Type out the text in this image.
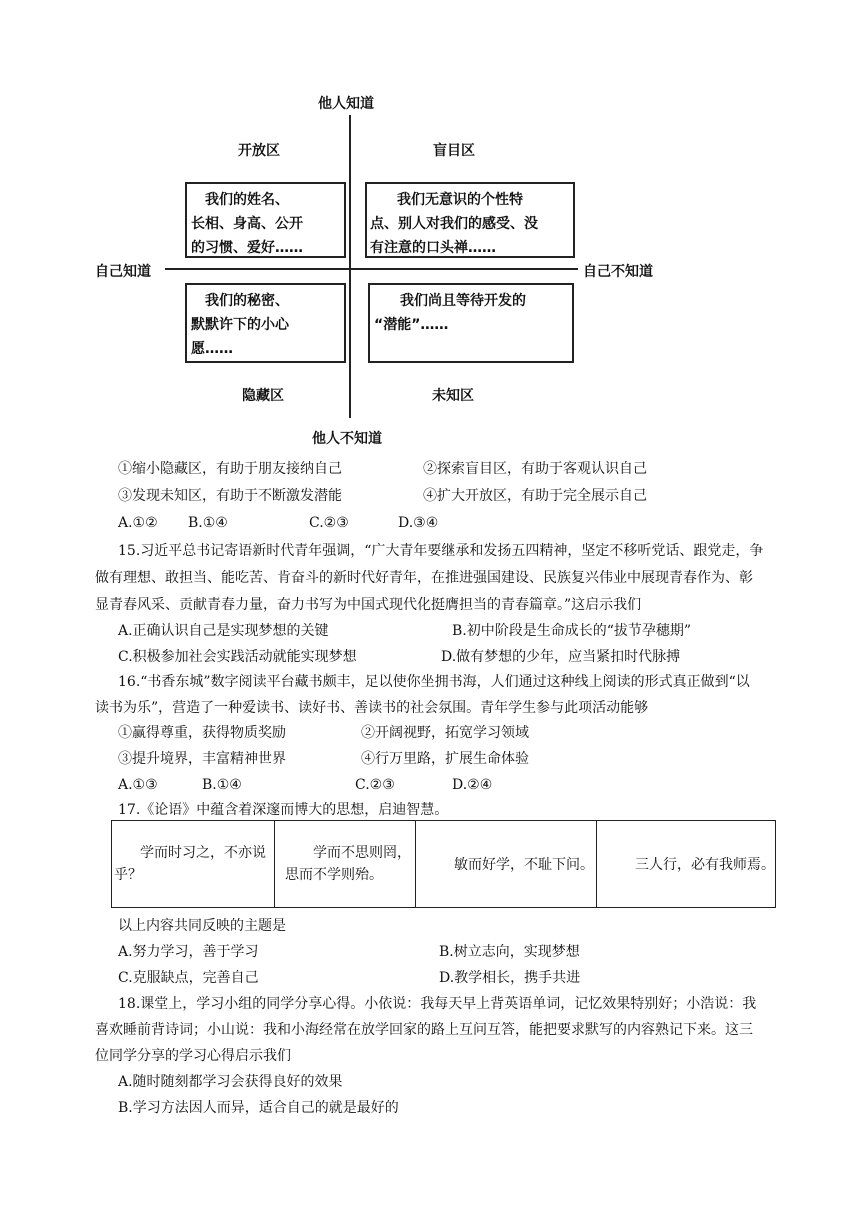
他人知道
他人不知道
自己知道	自己不知道
开放区	盲目区
隐藏区	未知区
我们的姓名、
长相、身高、公开
的习惯、爱好……
我们无意识的个性特
点、别人对我们的感受、没
有注意的口头禅……
我们的秘密、
默默许下的小心
愿……
我们尚且等待开发的
“潜能”……
①缩小隐藏区，有助于朋友接纳自己	②探索盲目区，有助于客观认识自己
③发现未知区，有助于不断激发潜能	④扩大开放区，有助于完全展示自己
A.①② B.①④	C.②③	D.③④
15.习近平总书记寄语新时代青年强调，“广大青年要继承和发扬五四精神，坚定不移听党话、跟党走，争
做有理想、敢担当、能吃苦、肯奋斗的新时代好青年，在推进强国建设、民族复兴伟业中展现青春作为、彰
显青春风采、贡献青春力量，奋力书写为中国式现代化挺膺担当的青春篇章。”这启示我们
A.正确认识自己是实现梦想的关键	B.初中阶段是生命成长的“拔节孕穗期”
C.积极参加社会实践活动就能实现梦想	D.做有梦想的少年，应当紧扣时代脉搏
16.“书香东城”数字阅读平台藏书颇丰，足以使你坐拥书海，人们通过这种线上阅读的形式真正做到“以
读书为乐”，营造了一种爱读书、读好书、善读书的社会氛围。青年学生参与此项活动能够
①赢得尊重，获得物质奖励	②开阔视野，拓宽学习领域
③提升境界，丰富精神世界	④行万里路，扩展生命体验
A.①③	B.①④	C.②③	D.②④
17.《论语》中蕴含着深邃而博大的思想，启迪智慧。
学而时习之，不亦说
乎？

学而不思则罔，
思而不学则殆。

敏而好学，不耻下问。	三人行，必有我师焉。
以上内容共同反映的主题是
A.努力学习，善于学习	B.树立志向，实现梦想
C.克服缺点，完善自己	D.教学相长，携手共进
18.课堂上，学习小组的同学分享心得。小依说：我每天早上背英语单词，记忆效果特别好；小浩说：我
喜欢睡前背诗词；小山说：我和小海经常在放学回家的路上互问互答，能把要求默写的内容熟记下来。这三
位同学分享的学习心得启示我们
A.随时随刻都学习会获得良好的效果
B.学习方法因人而异，适合自己的就是最好的
